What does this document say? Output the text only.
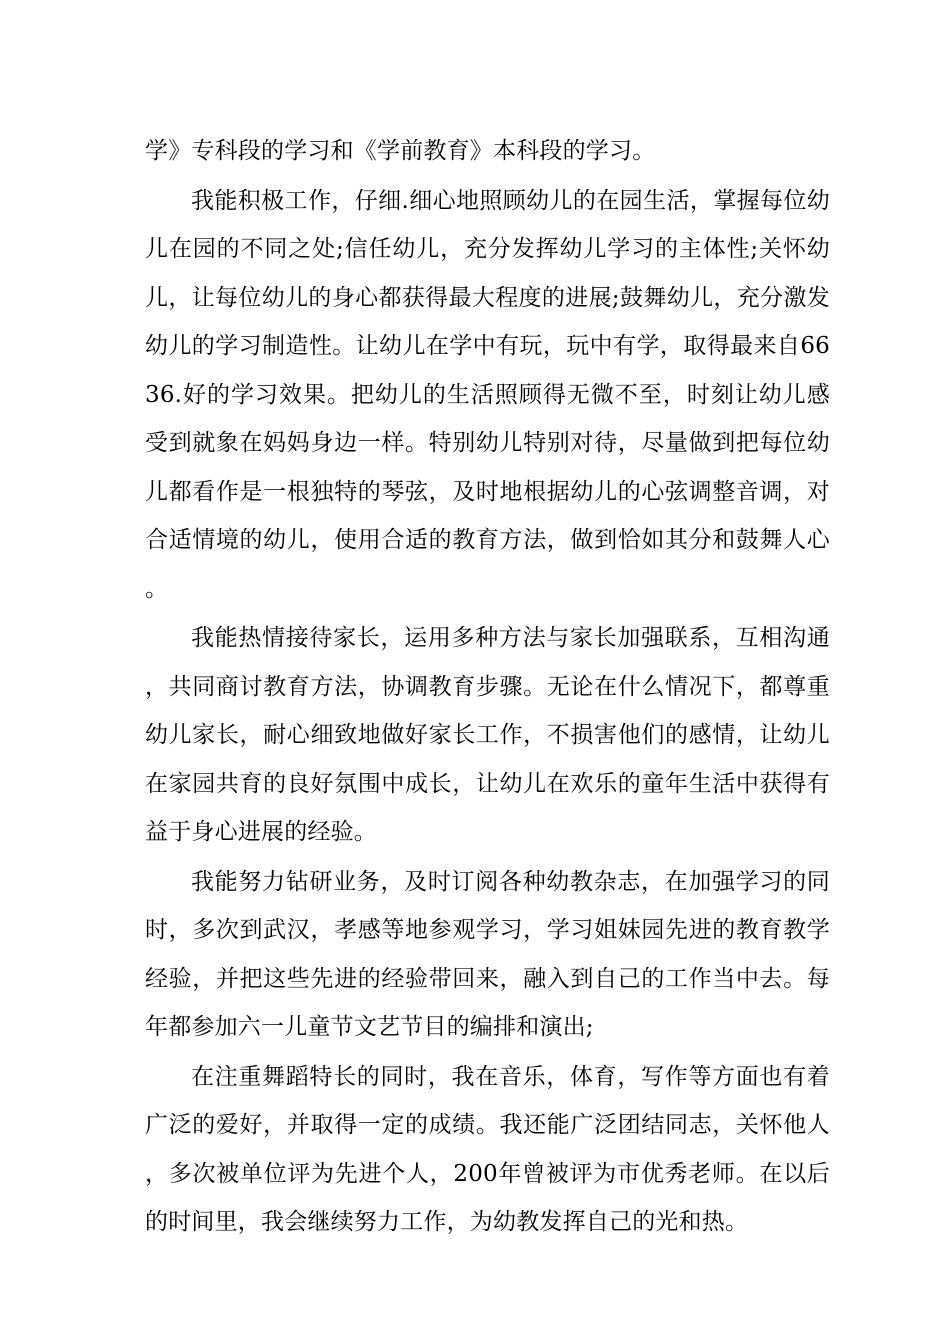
学》专科段的学习和《学前教育》本科段的学习。

我能积极工作，仔细.细心地照顾幼儿的在园生活，掌握每位幼儿在园的不同之处;信任幼儿，充分发挥幼儿学习的主体性;关怀幼儿，让每位幼儿的身心都获得最大程度的进展;鼓舞幼儿，充分激发幼儿的学习制造性。让幼儿在学中有玩，玩中有学，取得最来自6636.好的学习效果。把幼儿的生活照顾得无微不至，时刻让幼儿感受到就象在妈妈身边一样。特别幼儿特别对待，尽量做到把每位幼儿都看作是一根独特的琴弦，及时地根据幼儿的心弦调整音调，对合适情境的幼儿，使用合适的教育方法，做到恰如其分和鼓舞人心。

我能热情接待家长，运用多种方法与家长加强联系，互相沟通，共同商讨教育方法，协调教育步骤。无论在什么情况下，都尊重幼儿家长，耐心细致地做好家长工作，不损害他们的感情，让幼儿在家园共育的良好氛围中成长，让幼儿在欢乐的童年生活中获得有益于身心进展的经验。

我能努力钻研业务，及时订阅各种幼教杂志，在加强学习的同时，多次到武汉，孝感等地参观学习，学习姐妹园先进的教育教学经验，并把这些先进的经验带回来，融入到自己的工作当中去。每年都参加六一儿童节文艺节目的编排和演出;

在注重舞蹈特长的同时，我在音乐，体育，写作等方面也有着广泛的爱好，并取得一定的成绩。我还能广泛团结同志，关怀他人，多次被单位评为先进个人，200年曾被评为市优秀老师。在以后的时间里，我会继续努力工作，为幼教发挥自己的光和热。
